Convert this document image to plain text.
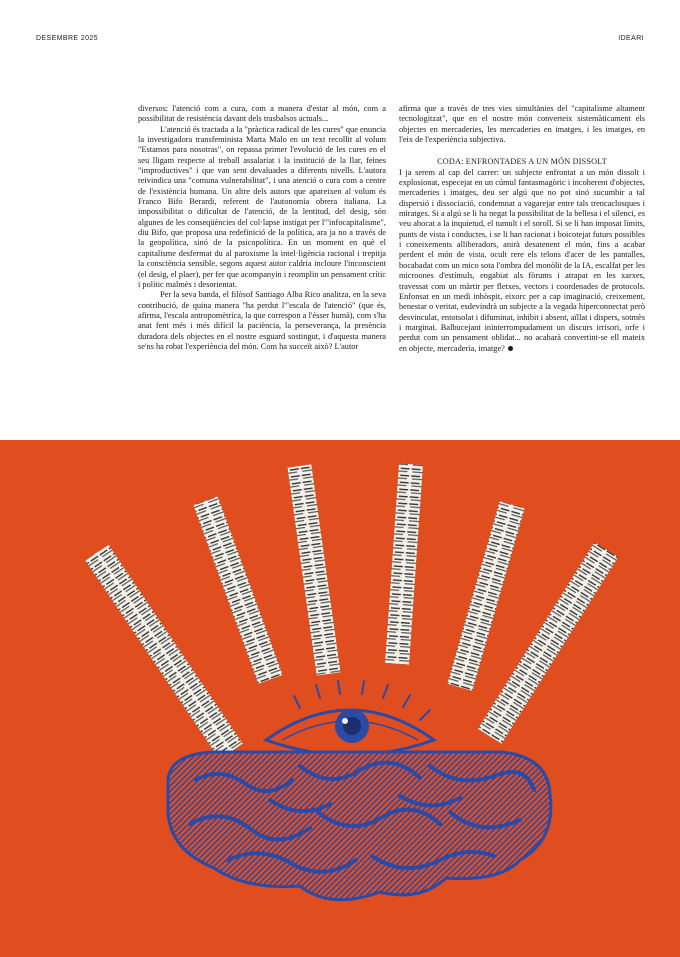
DESEMBRE 2025	IDEARI

diversos: l'atenció com a cura, com a manera d'estar al món, com a possibilitat de resistència davant dels trasbalsos actuals...

L'atenció és tractada a la "pràctica radical de les cures" que enuncia la investigadora transfeminista Marta Malo en un text recollit al volum "Estamos para nosotras", on repassa primer l'evolució de les cures en el seu lligam respecte al treball assalariat i la institució de la llar, feines "improductives" i que van sent devaluades a diferents nivells. L'autora reivindica una "comuna vulnerabilitat", i una atenció o cura com a centre de l'existència humana. Un altre dels autors que apareixen al volum és Franco Bifo Berardi, referent de l'autonomia obrera italiana. La impossibilitat o dificultat de l'atenció, de la lentitud, del desig, són algunes de les conseqüències del col·lapse instigat per l'"infocapitalisme", diu Bifo, que proposa una redefinició de la política, ara ja no a través de la geopolítica, sinó de la psicopolítica. En un moment en què el capitalisme desfermat du al paroxisme la intel·ligència racional i trepitja la consciència sensible, segons aquest autor caldria incloure l'inconscient (el desig, el plaer), per fer que acompanyin i reomplin un pensament crític i polític malmès i desorientat.

Per la seva banda, el filòsof Santiago Alba Rico analitza, en la seva contribució, de quina manera "ha perdut l'"escala de l'atenció" (que és, afirma, l'escala antropomètrica, la que correspon a l'ésser humà), com s'ha anat fent més i més difícil la paciència, la perseverança, la presència duradora dels objectes en el nostre esguard sostingut, i d'aquesta manera se'ns ha robat l'experiència del món. Com ha succeït això? L'autor

afirma que a través de tres vies simultànies del "capitalisme altament tecnologitzat", que en el nostre món converteix sistemàticament els objectes en mercaderies, les mercaderies en imatges, i les imatges, en l'eix de l'experiència subjectiva.

CODA: ENFRONTADES A UN MÓN DISSOLT

I ja serem al cap del carrer: un subjecte enfrontat a un món dissolt i explosionat, especejat en un cúmul fantasmagòric i incoherent d'objectes, mercaderies i imatges, deu ser algú que no pot sinó sucumbir a tal dispersió i dissociació, condemnat a vagarejar entre tals trencaclosques i miratges. Si a algú se li ha negat la possibilitat de la bellesa i el silenci, es veu abocat a la inquietud, el tumult i el soroll. Si se li han imposat límits, punts de vista i conductes, i se li han racionat i boicotejat futurs possibles i coneixements alliberadors, anirà desatenent el món, fins a acabar perdent el món de vista, ocult rere els telons d'acer de les pantalles, bocabadat com un mico sota l'ombra del monòlit de la IA, escalfat per les microones d'estímuls, engabiat als fòrums i atrapat en les xarxes, travessat com un màrtir per fletxes, vectors i coordenades de protocols. Enfonsat en un medi inhòspit, eixorc per a cap imaginació, creixement, benestar o veritat, esdevindrà un subjecte a la vegada hiperconnectat però desvinculat, entotsolat i difuminat, inhibit i absent, aïllat i dispers, sotmès i marginat. Balbucejant ininterrompudament un discurs irrisori, orfe i perdut com un pensament oblidat... no acabarà convertint-se ell mateix en objecte, mercaderia, imatge?
